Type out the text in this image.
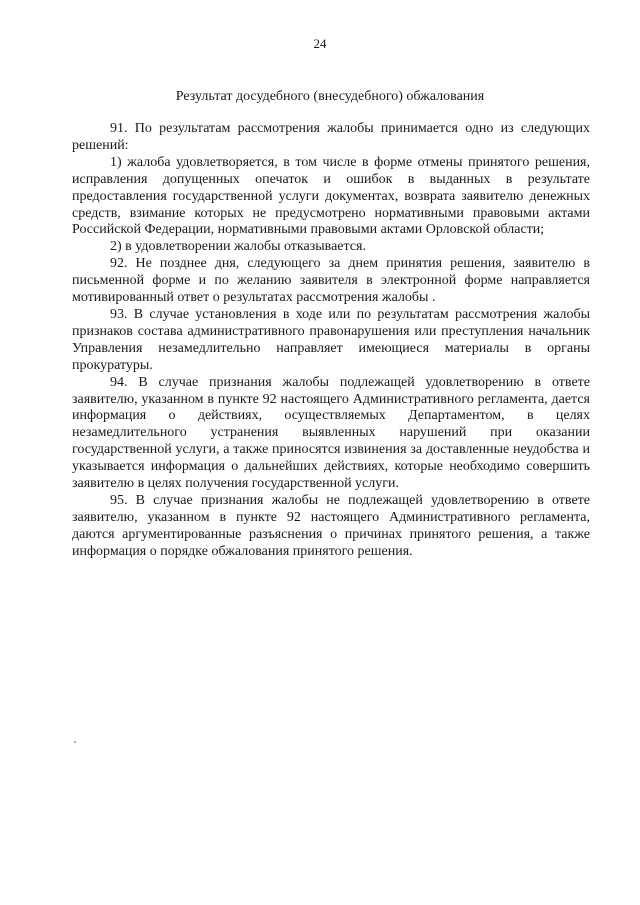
24
Результат досудебного (внесудебного) обжалования

91. По результатам рассмотрения жалобы принимается одно из следующих решений:

1) жалоба удовлетворяется, в том числе в форме отмены принятого решения, исправления допущенных опечаток и ошибок в выданных в результате предоставления государственной услуги документах, возврата заявителю денежных средств, взимание которых не предусмотрено нормативными правовыми актами Российской Федерации, нормативными правовыми актами Орловской области;

2) в удовлетворении жалобы отказывается.

92. Не позднее дня, следующего за днем принятия решения, заявителю в письменной форме и по желанию заявителя в электронной форме направляется мотивированный ответ о результатах рассмотрения жалобы .

93. В случае установления в ходе или по результатам рассмотрения жалобы признаков состава административного правонарушения или преступления начальник Управления незамедлительно направляет имеющиеся материалы в органы прокуратуры.

94. В случае признания жалобы подлежащей удовлетворению в ответе заявителю, указанном в пункте 92 настоящего Административного регламента, дается информация о действиях, осуществляемых Департаментом, в целях незамедлительного устранения выявленных нарушений при оказании государственной услуги, а также приносятся извинения за доставленные неудобства и указывается информация о дальнейших действиях, которые необходимо совершить заявителю в целях получения государственной услуги.

95. В случае признания жалобы не подлежащей удовлетворению в ответе заявителю, указанном в пункте 92 настоящего Административного регламента, даются аргументированные разъяснения о причинах принятого решения, а также информация о порядке обжалования принятого решения.
